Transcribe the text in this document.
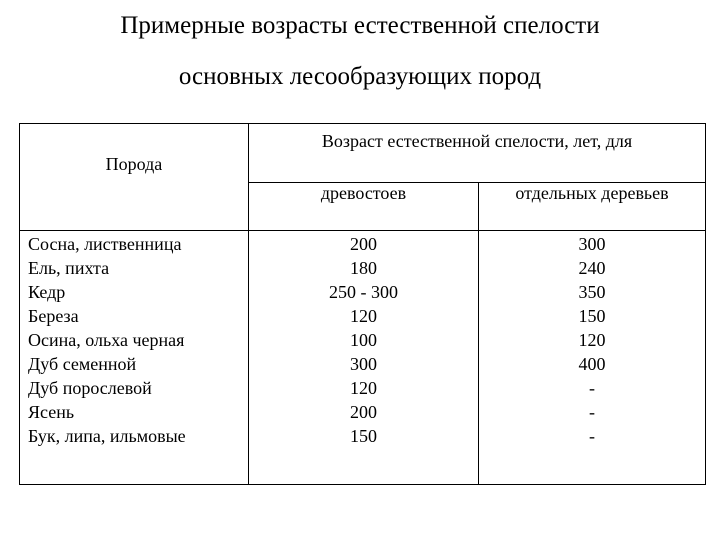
Примерные возрасты естественной спелости
основных лесообразующих пород
Порода
Возраст естественной спелости, лет, для
древостоев	отдельных деревьев
Сосна, лиственница
Ель, пихта
Кедр
Береза
Осина, ольха черная
Дуб семенной
Дуб порослевой
Ясень
Бук, липа, ильмовые
200
180
250 - 300
120
100
300
120
200
150
300
240
350
150
120
400
-
-
-
